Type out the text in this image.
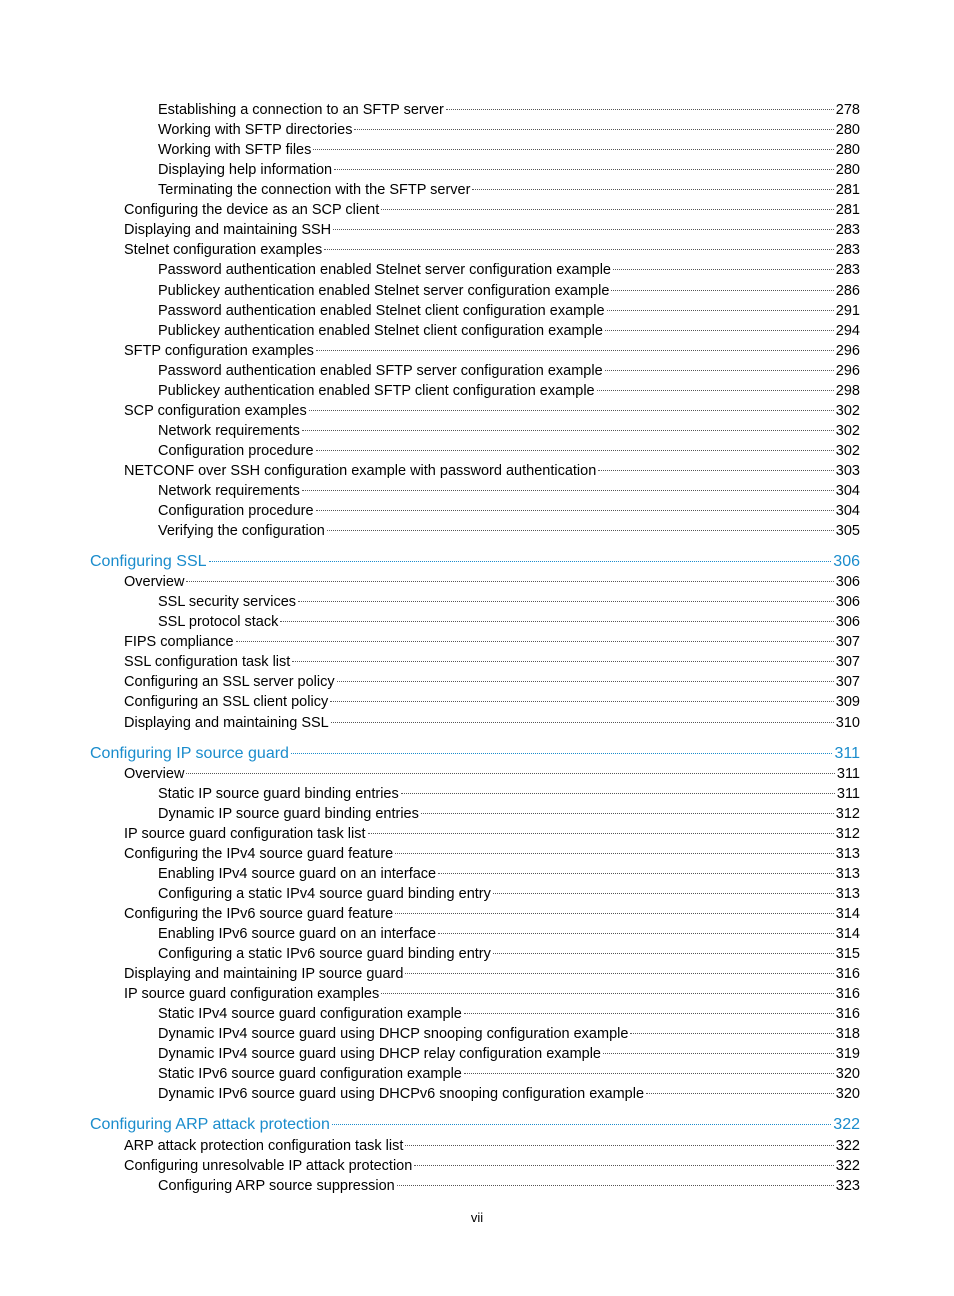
Establishing a connection to an SFTP server	278
Working with SFTP directories	280
Working with SFTP files	280
Displaying help information	280
Terminating the connection with the SFTP server	281
Configuring the device as an SCP client	281
Displaying and maintaining SSH	283
Stelnet configuration examples	283
Password authentication enabled Stelnet server configuration example	283
Publickey authentication enabled Stelnet server configuration example	286
Password authentication enabled Stelnet client configuration example	291
Publickey authentication enabled Stelnet client configuration example	294
SFTP configuration examples	296
Password authentication enabled SFTP server configuration example	296
Publickey authentication enabled SFTP client configuration example	298
SCP configuration examples	302
Network requirements	302
Configuration procedure	302
NETCONF over SSH configuration example with password authentication	303
Network requirements	304
Configuration procedure	304
Verifying the configuration	305
Configuring SSL	306
Overview	306
SSL security services	306
SSL protocol stack	306
FIPS compliance	307
SSL configuration task list	307
Configuring an SSL server policy	307
Configuring an SSL client policy	309
Displaying and maintaining SSL	310
Configuring IP source guard	311
Overview	311
Static IP source guard binding entries	311
Dynamic IP source guard binding entries	312
IP source guard configuration task list	312
Configuring the IPv4 source guard feature	313
Enabling IPv4 source guard on an interface	313
Configuring a static IPv4 source guard binding entry	313
Configuring the IPv6 source guard feature	314
Enabling IPv6 source guard on an interface	314
Configuring a static IPv6 source guard binding entry	315
Displaying and maintaining IP source guard	316
IP source guard configuration examples	316
Static IPv4 source guard configuration example	316
Dynamic IPv4 source guard using DHCP snooping configuration example	318
Dynamic IPv4 source guard using DHCP relay configuration example	319
Static IPv6 source guard configuration example	320
Dynamic IPv6 source guard using DHCPv6 snooping configuration example	320
Configuring ARP attack protection	322
ARP attack protection configuration task list	322
Configuring unresolvable IP attack protection	322
Configuring ARP source suppression	323
vii
